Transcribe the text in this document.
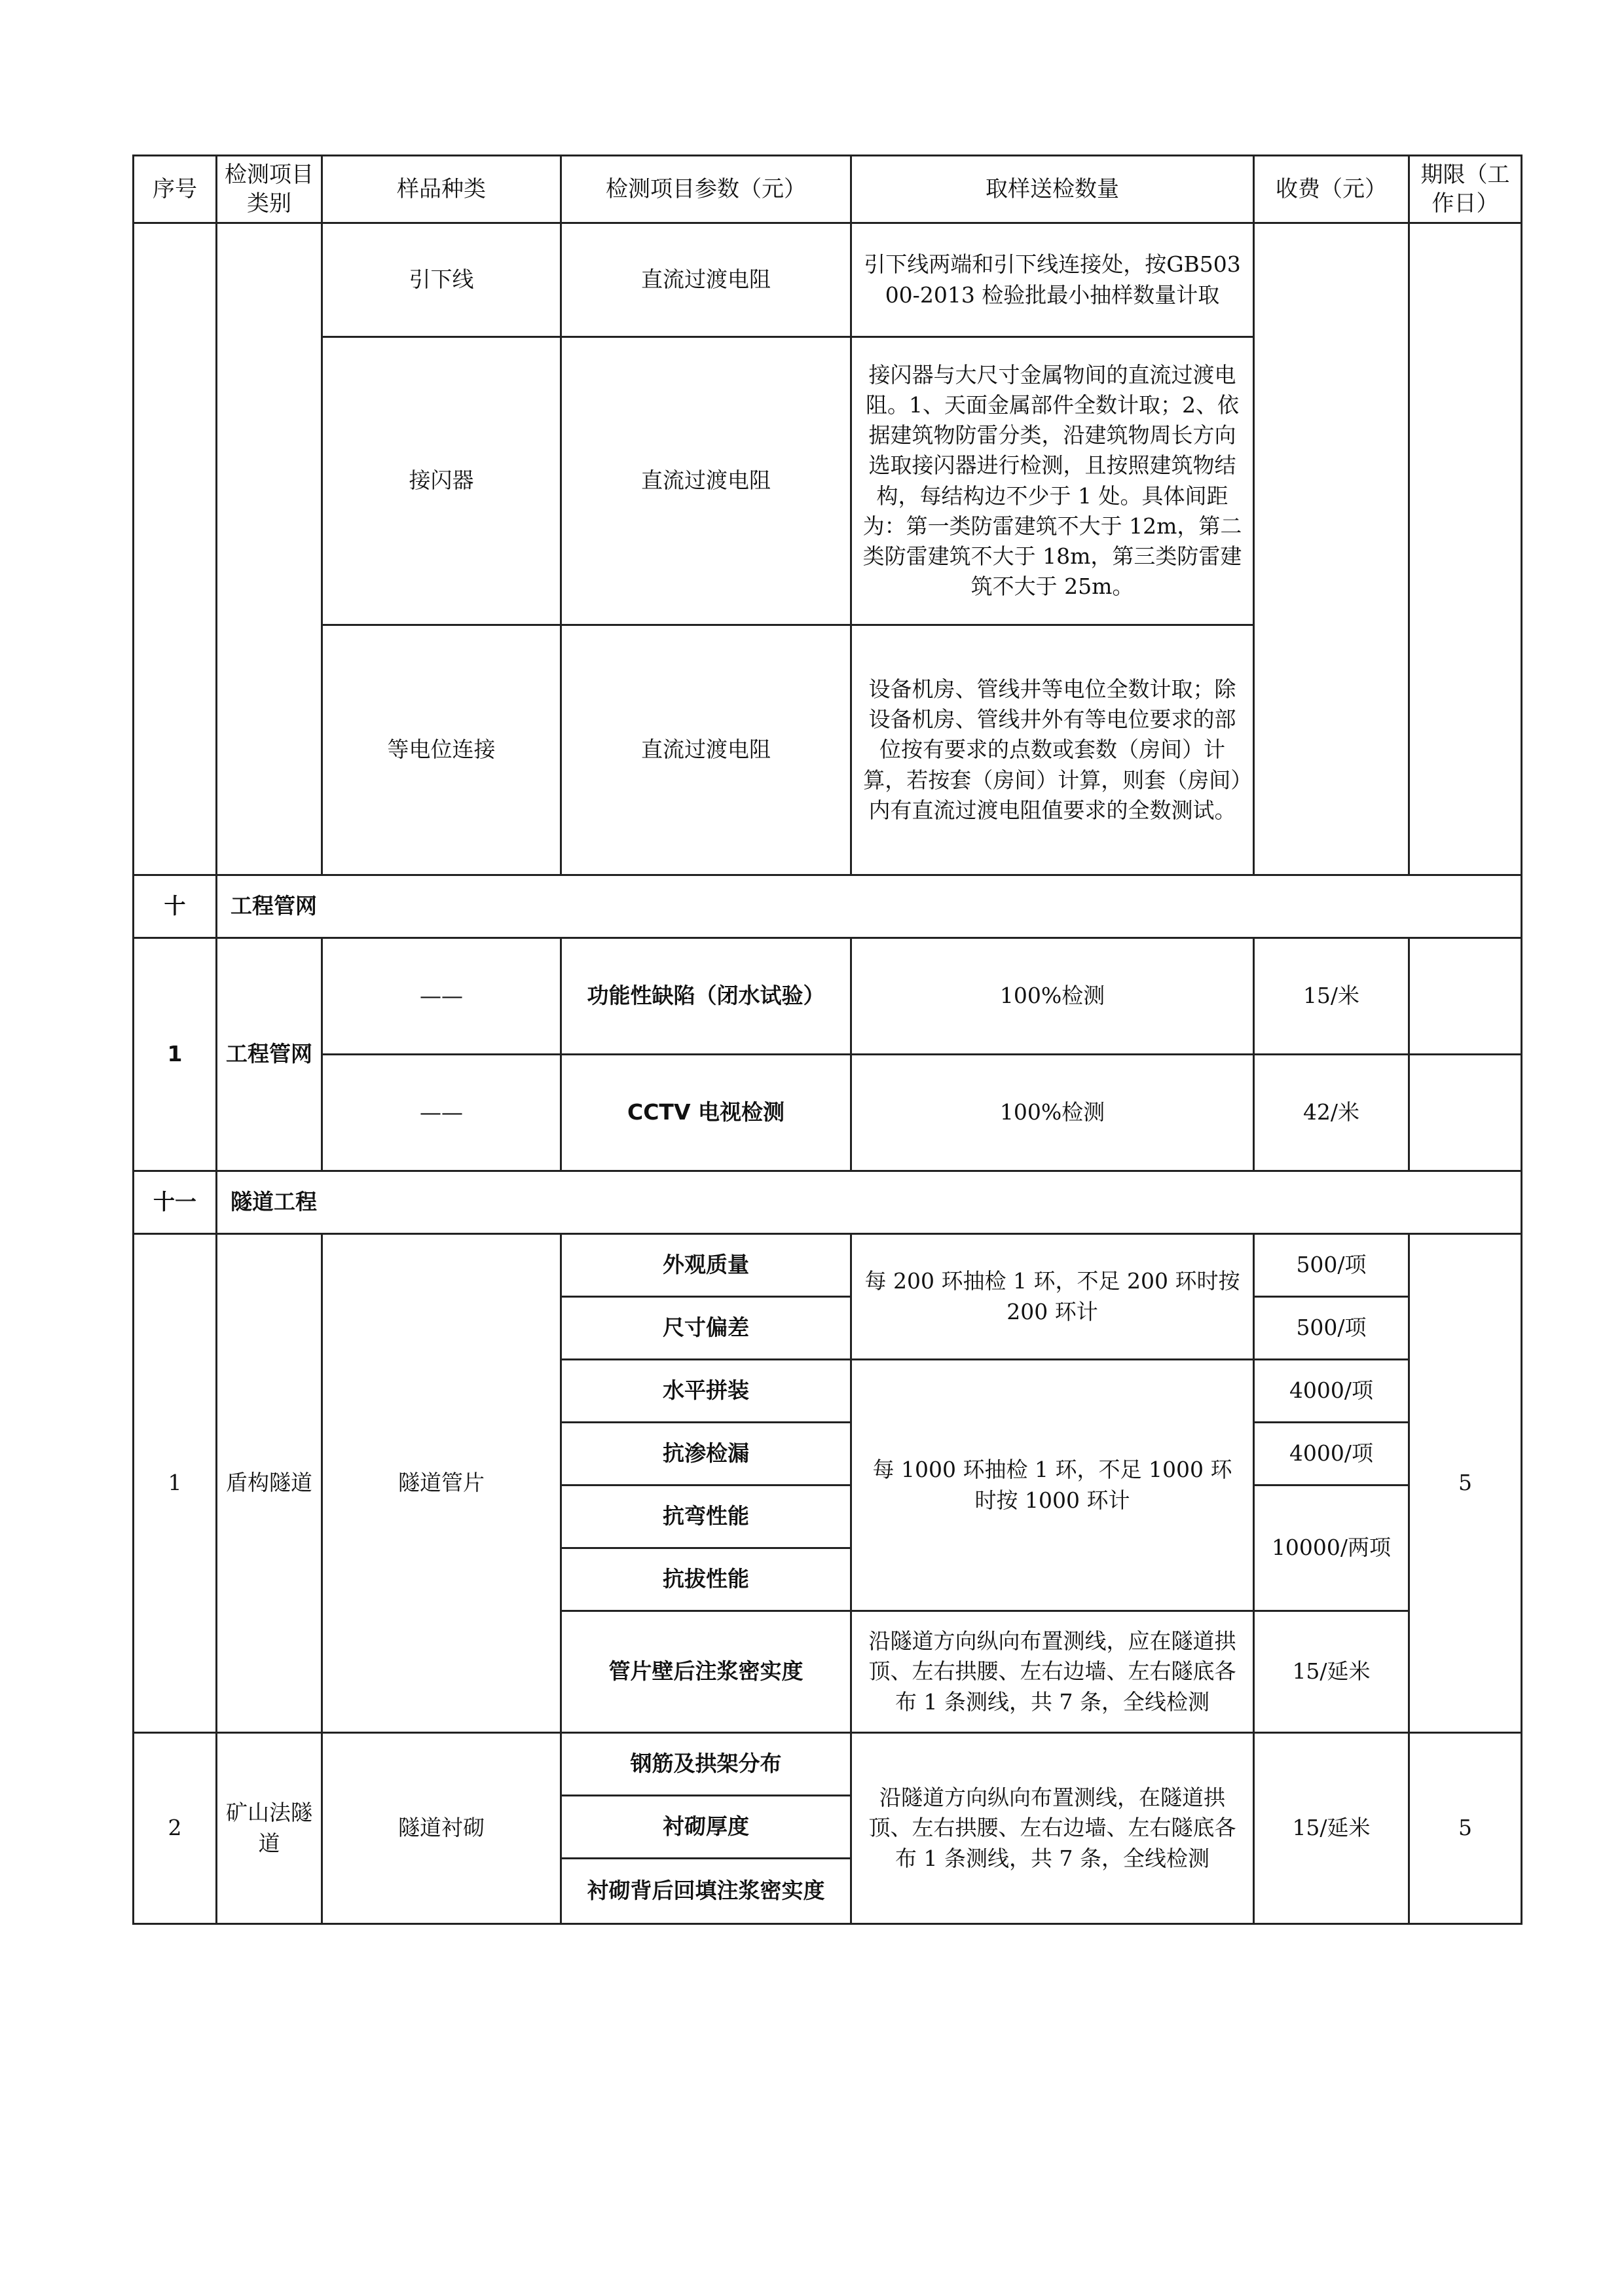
序号	检测项目类别	样品种类	检测项目参数（元）	取样送检数量	收费（元）	期限（工作日）
		引下线	直流过渡电阻	引下线两端和引下线连接处，按GB50300-2013 检验批最小抽样数量计取		
		接闪器	直流过渡电阻	接闪器与大尺寸金属物间的直流过渡电阻。1、天面金属部件全数计取；2、依据建筑物防雷分类，沿建筑物周长方向选取接闪器进行检测，且按照建筑物结构，每结构边不少于 1 处。具体间距为：第一类防雷建筑不大于 12m，第二类防雷建筑不大于 18m，第三类防雷建筑不大于 25m。		
		等电位连接	直流过渡电阻	设备机房、管线井等电位全数计取；除设备机房、管线井外有等电位要求的部位按有要求的点数或套数（房间）计算，若按套（房间）计算，则套（房间）内有直流过渡电阻值要求的全数测试。		
十	工程管网					
1	工程管网	——	功能性缺陷（闭水试验）	100%检测	15/米	
		——	CCTV 电视检测	100%检测	42/米	
十一	隧道工程					
1	盾构隧道	隧道管片	外观质量	每 200 环抽检 1 环，不足 200 环时按 200 环计	500/项	5
			尺寸偏差		500/项	
			水平拼装	每 1000 环抽检 1 环，不足 1000 环时按 1000 环计	4000/项	
			抗渗检漏		4000/项	
			抗弯性能		10000/两项	
			抗拔性能			
			管片壁后注浆密实度	沿隧道方向纵向布置测线，应在隧道拱顶、左右拱腰、左右边墙、左右隧底各布 1 条测线，共 7 条，全线检测	15/延米	
2	矿山法隧道	隧道衬砌	钢筋及拱架分布	沿隧道方向纵向布置测线，在隧道拱顶、左右拱腰、左右边墙、左右隧底各布 1 条测线，共 7 条，全线检测	15/延米	5
			衬砌厚度			
			衬砌背后回填注浆密实度			
